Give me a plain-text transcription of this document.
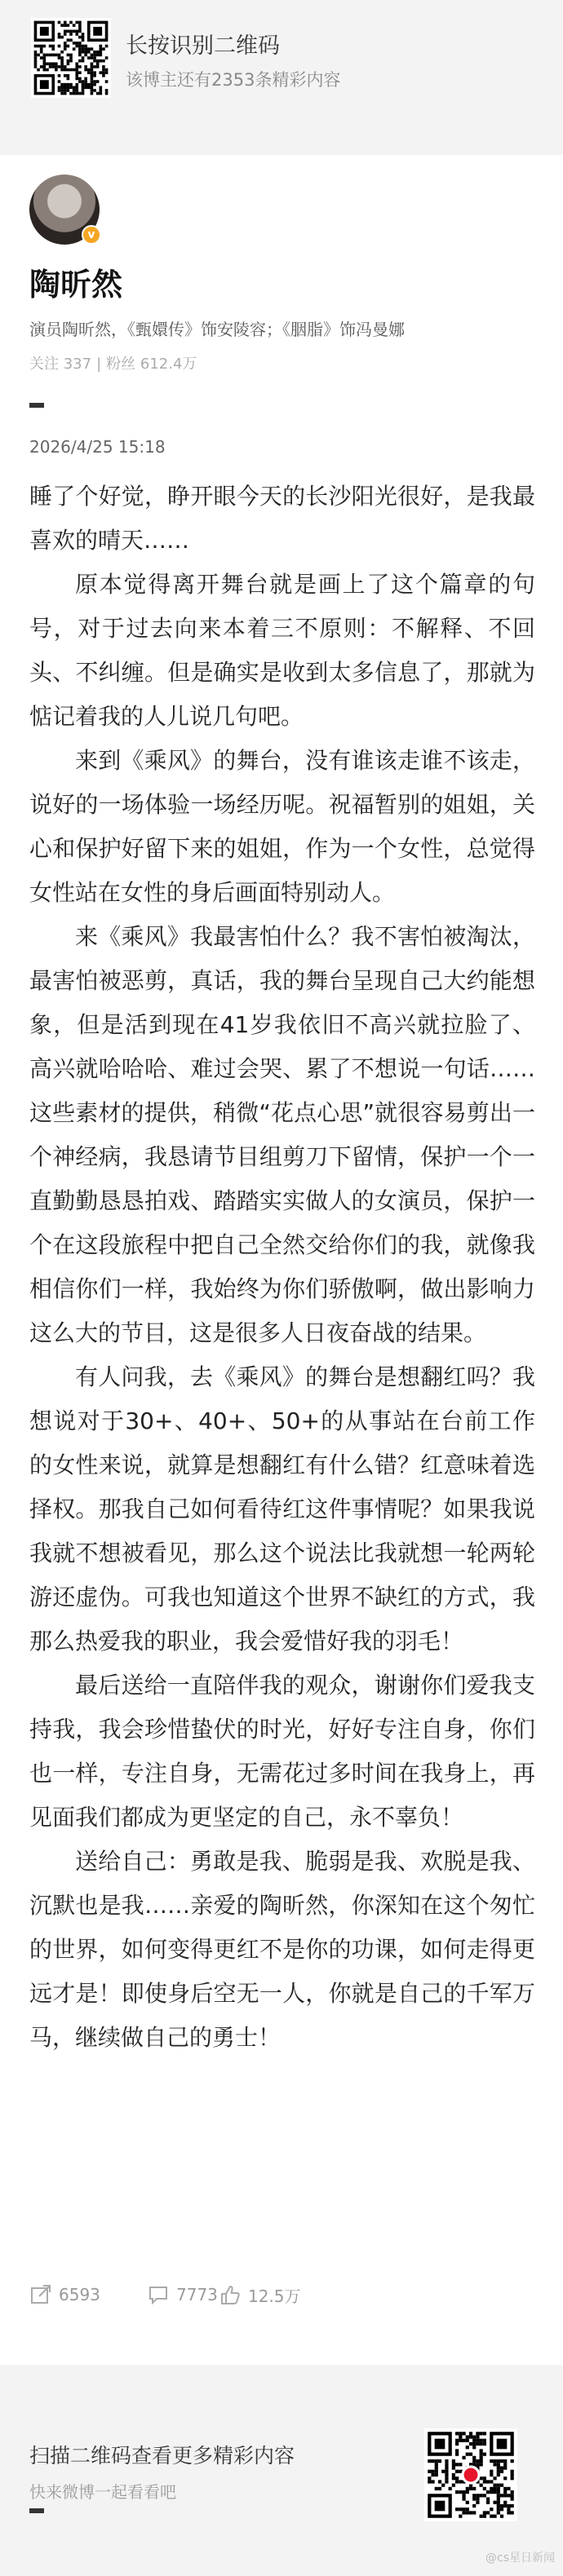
长按识别二维码
该博主还有2353条精彩内容
v
陶昕然
演员陶昕然，《甄嬛传》饰安陵容；《胭脂》饰冯曼娜
关注 337 | 粉丝 612.4万
2026/4/25 15:18

睡了个好觉，睁开眼今天的长沙阳光很好，是我最喜欢的晴天……

原本觉得离开舞台就是画上了这个篇章的句号，对于过去向来本着三不原则：不解释、不回头、不纠缠。但是确实是收到太多信息了，那就为惦记着我的人儿说几句吧。

来到《乘风》的舞台，没有谁该走谁不该走，说好的一场体验一场经历呢。祝福暂别的姐姐，关心和保护好留下来的姐姐，作为一个女性，总觉得女性站在女性的身后画面特别动人。

来《乘风》我最害怕什么？我不害怕被淘汰，最害怕被恶剪，真话，我的舞台呈现自己大约能想象，但是活到现在41岁我依旧不高兴就拉脸了、高兴就哈哈哈、难过会哭、累了不想说一句话……这些素材的提供，稍微“花点心思”就很容易剪出一个神经病，我恳请节目组剪刀下留情，保护一个一直勤勤恳恳拍戏、踏踏实实做人的女演员，保护一个在这段旅程中把自己全然交给你们的我，就像我相信你们一样，我始终为你们骄傲啊，做出影响力这么大的节目，这是很多人日夜奋战的结果。

有人问我，去《乘风》的舞台是想翻红吗？我想说对于30+、40+、50+的从事站在台前工作的女性来说，就算是想翻红有什么错？红意味着选择权。那我自己如何看待红这件事情呢？如果我说我就不想被看见，那么这个说法比我就想一轮两轮游还虚伪。可我也知道这个世界不缺红的方式，我那么热爱我的职业，我会爱惜好我的羽毛！

最后送给一直陪伴我的观众，谢谢你们爱我支持我，我会珍惜蛰伏的时光，好好专注自身，你们也一样，专注自身，无需花过多时间在我身上，再见面我们都成为更坚定的自己，永不辜负！

送给自己：勇敢是我、脆弱是我、欢脱是我、沉默也是我……亲爱的陶昕然，你深知在这个匆忙的世界，如何变得更红不是你的功课，如何走得更远才是！即使身后空无一人，你就是自己的千军万马，继续做自己的勇士！

6593	7773 12.5万
扫描二维码查看更多精彩内容
快来微博一起看看吧
@cs星日新闻
